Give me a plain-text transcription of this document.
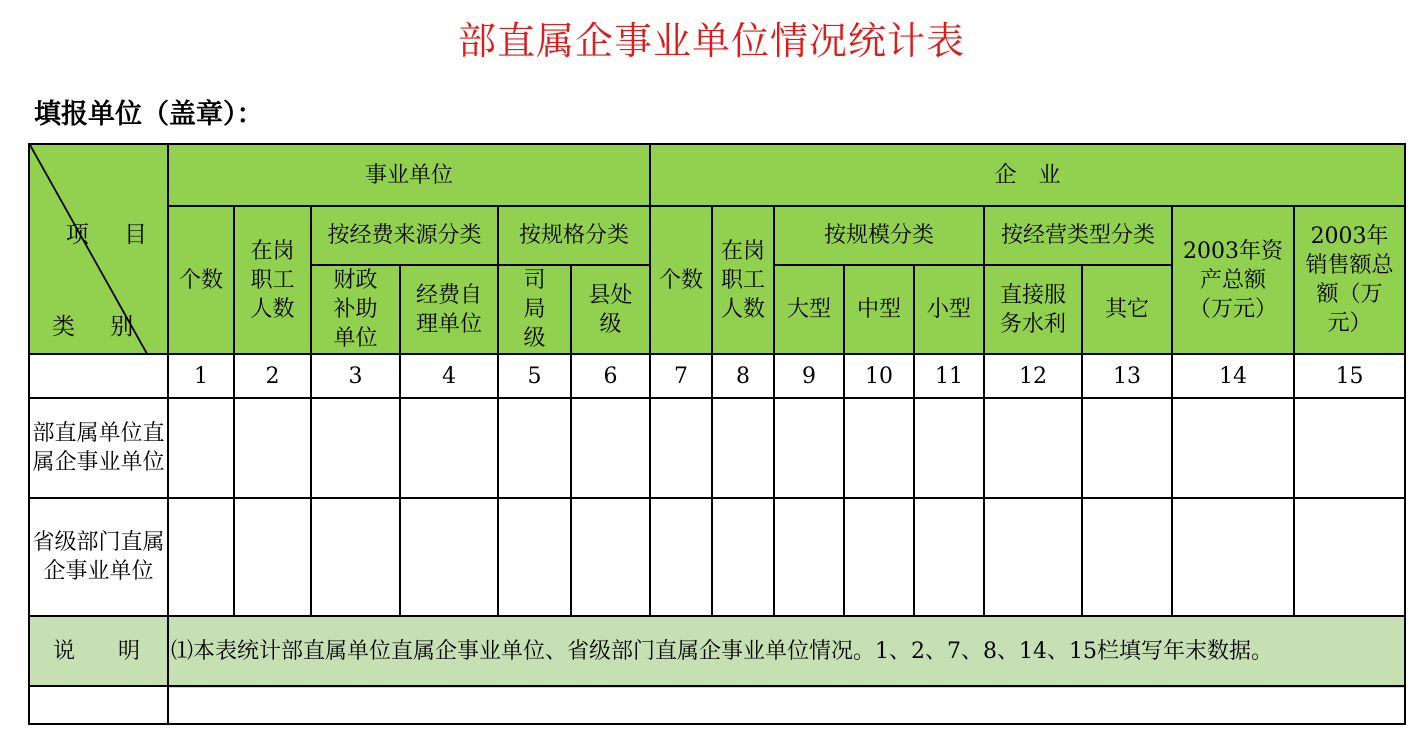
部直属企事业单位情况统计表
填报单位（盖章）：
项 目
类 别	事业单位						企　业								
	个数	在岗职工人数	按经费来源分类		按规格分类		个数	在岗职工人数	按规模分类			按经营类型分类		2003年资产总额（万元）	2003年销售额总额（万元）
			财政补助单位	经费自理单位	司局级	县处级			大型	中型	小型	直接服务水利	其它		
	1	2	3	4	5	6	7	8	9	10	11	12	13	14	15
部直属单位直属企事业单位															
省级部门直属企事业单位															
说 明	⑴本表统计部直属单位直属企事业单位、省级部门直属企事业单位情况。1、2、7、8、14、15栏填写年末数据。														
